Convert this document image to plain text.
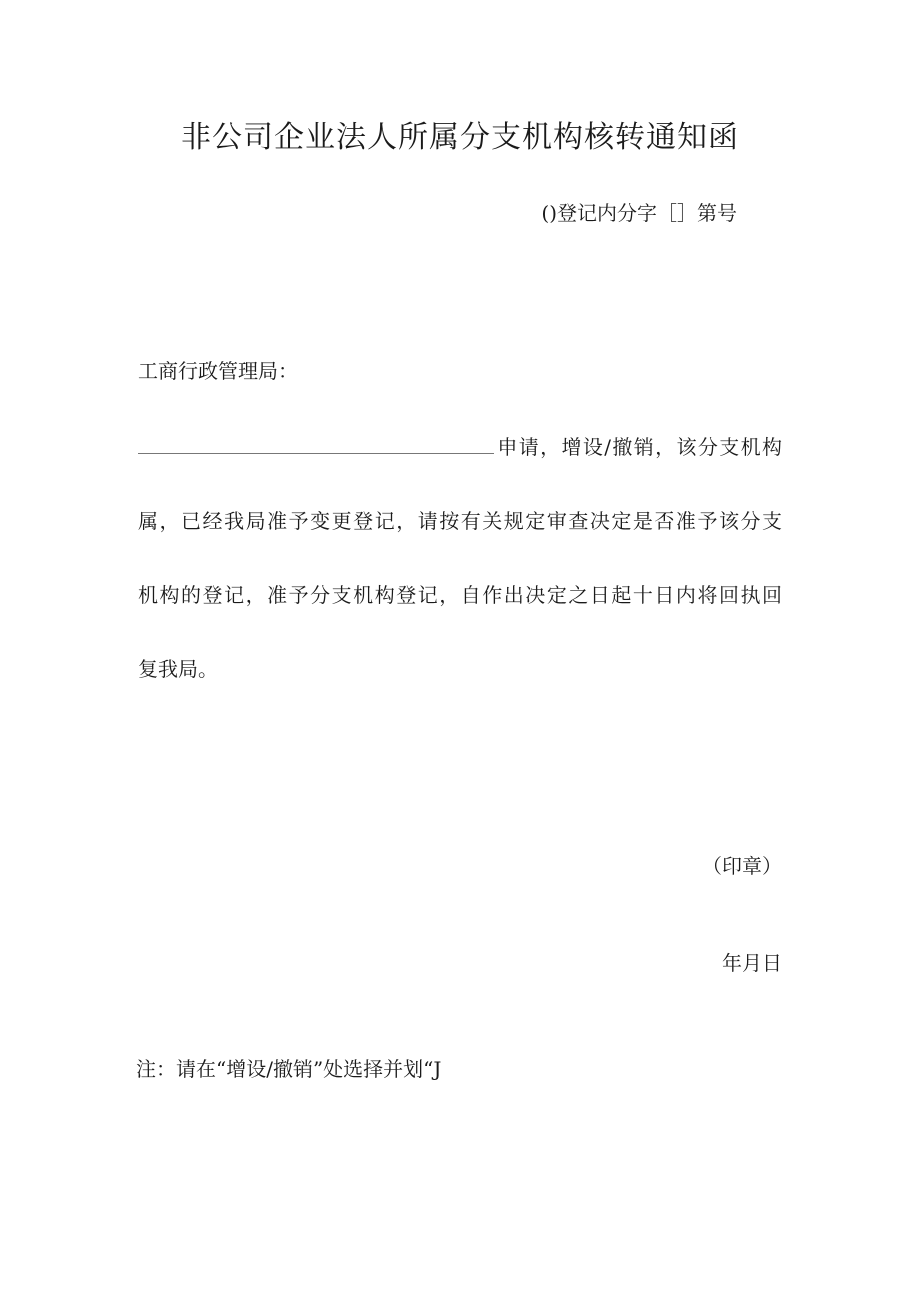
非公司企业法人所属分支机构核转通知函
()登记内分字［］第号
工商行政管理局：
申请，增设/撤销，该分支机构
属，已经我局准予变更登记，请按有关规定审查决定是否准予该分支
机构的登记，准予分支机构登记，自作出决定之日起十日内将回执回
复我局。
（印章）
年月日
注：请在“增设/撤销”处选择并划“J
